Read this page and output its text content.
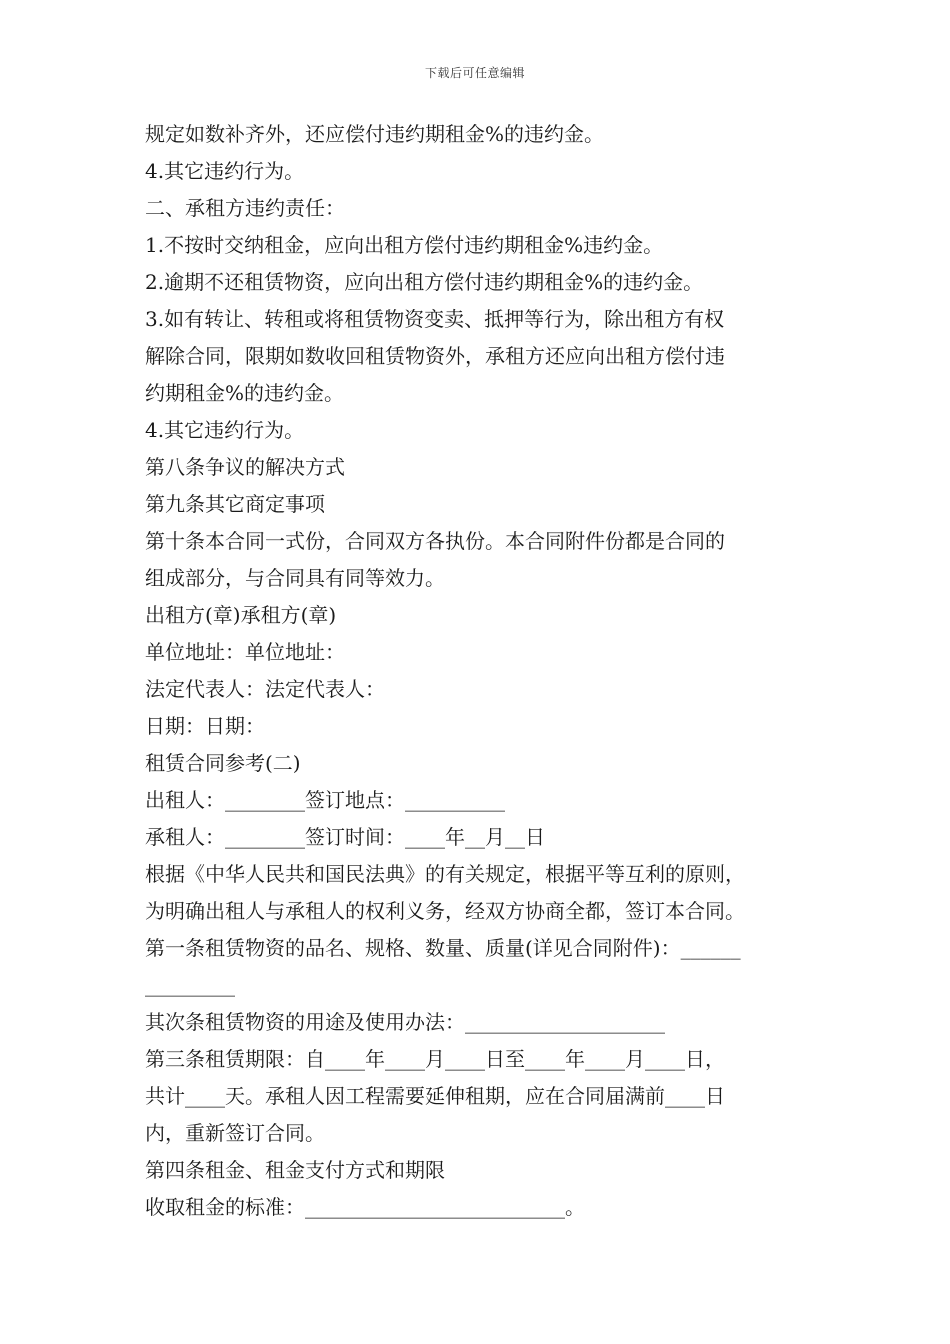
下载后可任意编辑
规定如数补齐外，还应偿付违约期租金%的违约金。
4.其它违约行为。
二、承租方违约责任：
1.不按时交纳租金，应向出租方偿付违约期租金%违约金。
2.逾期不还租赁物资，应向出租方偿付违约期租金%的违约金。
3.如有转让、转租或将租赁物资变卖、抵押等行为，除出租方有权
解除合同，限期如数收回租赁物资外，承租方还应向出租方偿付违
约期租金%的违约金。
4.其它违约行为。
第八条争议的解决方式
第九条其它商定事项
第十条本合同一式份，合同双方各执份。本合同附件份都是合同的
组成部分，与合同具有同等效力。
出租方(章)承租方(章)
单位地址：单位地址：
法定代表人：法定代表人：
日期：日期：
租赁合同参考(二)
出租人：________签订地点：__________
承租人：________签订时间：____年__月__日
根据《中华人民共和国民法典》的有关规定，根据平等互利的原则，
为明确出租人与承租人的权利义务，经双方协商全都，签订本合同。
第一条租赁物资的品名、规格、数量、质量(详见合同附件)：______
_________
其次条租赁物资的用途及使用办法：____________________
第三条租赁期限：自____年____月____日至____年____月____日，
共计____天。承租人因工程需要延伸租期，应在合同届满前____日
内，重新签订合同。
第四条租金、租金支付方式和期限
收取租金的标准：__________________________。
